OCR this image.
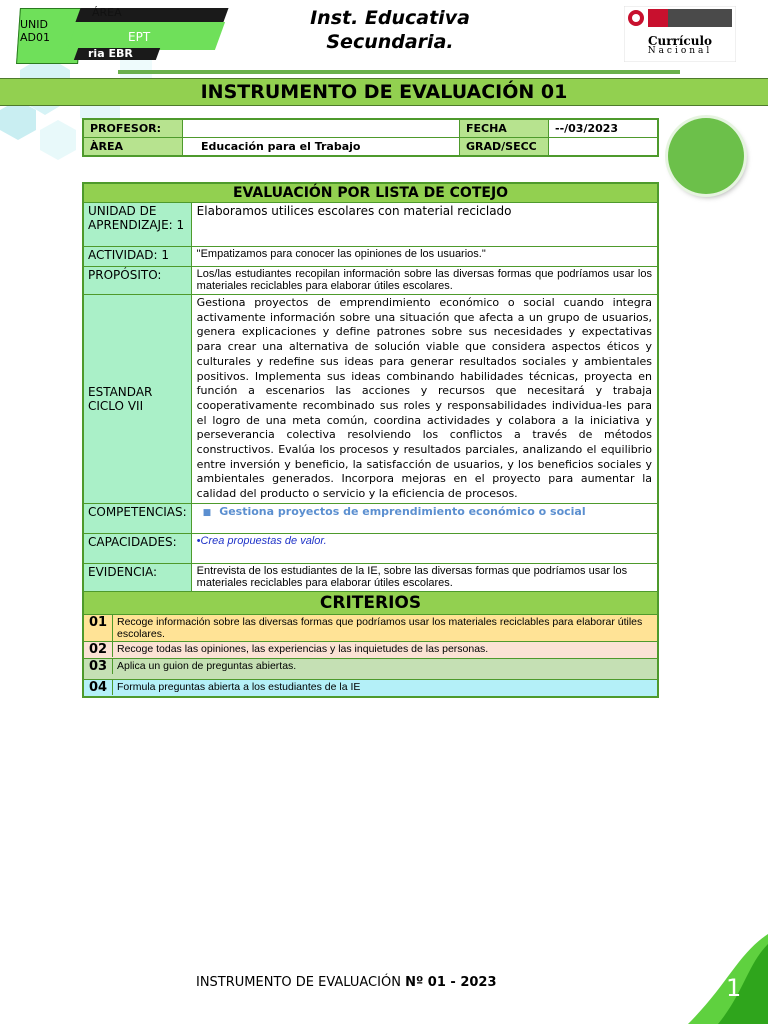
UNID AD01
ÁREA
EPT
ria EBR
Inst. Educativa Secundaria.	Currículo
Nacional
INSTRUMENTO DE EVALUACIÓN 01
PROFESOR:		FECHA	--/03/2023
ÀREA	Educación para el Trabajo	GRAD/SECC	
EVALUACIÓN POR LISTA DE COTEJO
UNIDAD DE APRENDIZAJE: 1	Elaboramos utilices escolares con material reciclado
ACTIVIDAD: 1	"Empatizamos para conocer las opiniones de los usuarios."
PROPÓSITO:	Los/las estudiantes recopilan información sobre las diversas formas que podríamos usar los materiales reciclables para elaborar útiles escolares.
ESTANDAR CICLO VII	Gestiona proyectos de emprendimiento económico o social cuando integra activamente información sobre una situación que afecta a un grupo de usuarios, genera explicaciones y define patrones sobre sus necesidades y expectativas para crear una alternativa de solución viable que considera aspectos éticos y culturales y redefine sus ideas para generar resultados sociales y ambientales positivos. Implementa sus ideas combinando habilidades técnicas, proyecta en función a escenarios las acciones y recursos que necesitará y trabaja cooperativamente recombinado sus roles y responsabilidades individua-les para el logro de una meta común, coordina actividades y colabora a la iniciativa y perseverancia colectiva resolviendo los conflictos a través de métodos constructivos. Evalúa los procesos y resultados parciales, analizando el equilibrio entre inversión y beneficio, la satisfacción de usuarios, y los beneficios sociales y ambientales generados. Incorpora mejoras en el proyecto para aumentar la calidad del producto o servicio y la eficiencia de procesos.
COMPETENCIAS:	■ Gestiona proyectos de emprendimiento económico o social
CAPACIDADES:	•Crea propuestas de valor.
EVIDENCIA:	Entrevista de los estudiantes de la IE, sobre las diversas formas que podríamos usar los materiales reciclables para elaborar útiles escolares.
CRITERIOS

01	Recoge información sobre las diversas formas que podríamos usar los materiales reciclables para elaborar útiles escolares.

02	Recoge todas las opiniones, las experiencias y las inquietudes de las personas.

03	Aplica un guion de preguntas abiertas.

04	Formula preguntas abierta a los estudiantes de la IE
INSTRUMENTO DE EVALUACIÓN Nº 01 - 2023	1
